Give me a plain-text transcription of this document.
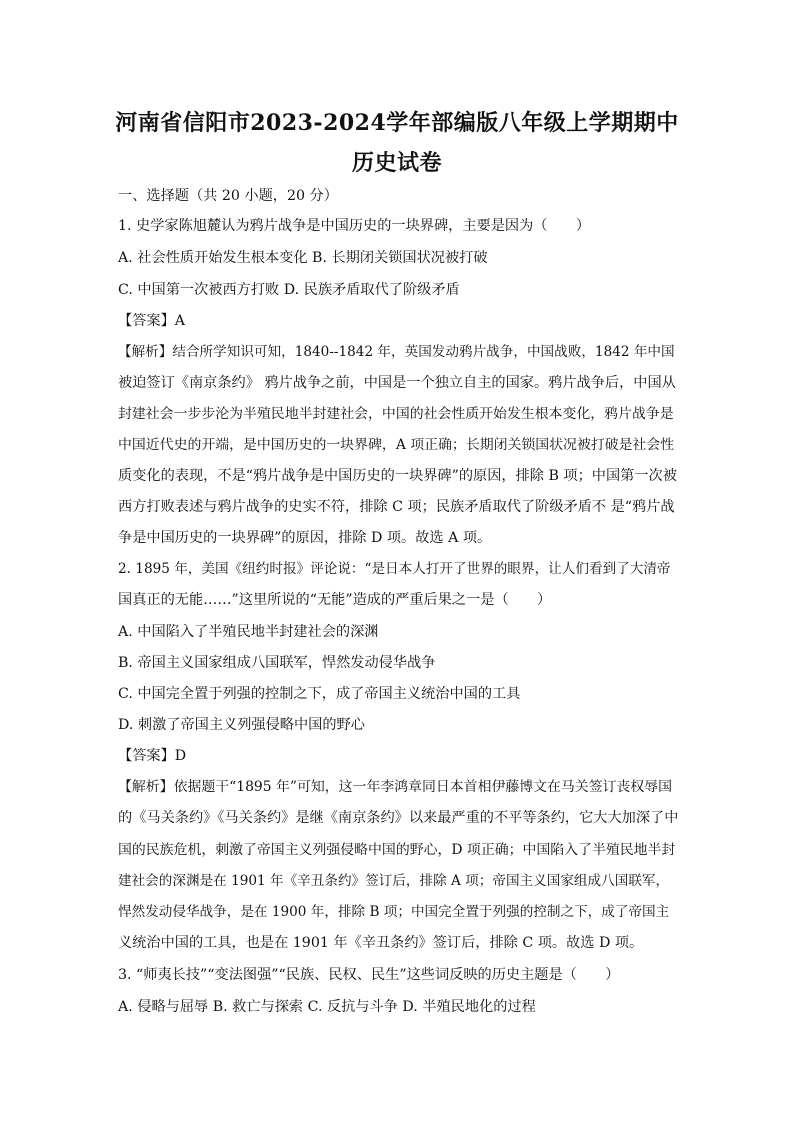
河南省信阳市2023-2024学年部编版八年级上学期期中
历史试卷
一、选择题（共 20 小题，20 分）
1. 史学家陈旭麓认为鸦片战争是中国历史的一块界碑，主要是因为（　　）
A. 社会性质开始发生根本变化 B. 长期闭关锁国状况被打破
C. 中国第一次被西方打败 D. 民族矛盾取代了阶级矛盾
【答案】A
【解析】结合所学知识可知，1840--1842 年，英国发动鸦片战争，中国战败，1842 年中国
被迫签订《南京条约》 鸦片战争之前，中国是一个独立自主的国家。鸦片战争后，中国从
封建社会一步步沦为半殖民地半封建社会，中国的社会性质开始发生根本变化，鸦片战争是
中国近代史的开端，是中国历史的一块界碑，A 项正确；长期闭关锁国状况被打破是社会性
质变化的表现，不是“鸦片战争是中国历史的一块界碑”的原因，排除 B 项；中国第一次被
西方打败表述与鸦片战争的史实不符，排除 C 项；民族矛盾取代了阶级矛盾不 是“鸦片战
争是中国历史的一块界碑”的原因，排除 D 项。故选 A 项。
2. 1895 年，美国《纽约时报》评论说：“是日本人打开了世界的眼界，让人们看到了大清帝
国真正的无能……”这里所说的“无能”造成的严重后果之一是（　　）
A. 中国陷入了半殖民地半封建社会的深渊
B. 帝国主义国家组成八国联军，悍然发动侵华战争
C. 中国完全置于列强的控制之下，成了帝国主义统治中国的工具
D. 刺激了帝国主义列强侵略中国的野心
【答案】D
【解析】依据题干“1895 年”可知，这一年李鸿章同日本首相伊藤博文在马关签订丧权辱国
的《马关条约》《马关条约》是继《南京条约》以来最严重的不平等条约，它大大加深了中
国的民族危机，刺激了帝国主义列强侵略中国的野心，D 项正确；中国陷入了半殖民地半封
建社会的深渊是在 1901 年《辛丑条约》签订后，排除 A 项；帝国主义国家组成八国联军，
悍然发动侵华战争，是在 1900 年，排除 B 项；中国完全置于列强的控制之下，成了帝国主
义统治中国的工具，也是在 1901 年《辛丑条约》签订后，排除 C 项。故选 D 项。
3. “师夷长技”“变法图强”“民族、民权、民生”这些词反映的历史主题是（　　）
A. 侵略与屈辱 B. 救亡与探索 C. 反抗与斗争 D. 半殖民地化的过程
